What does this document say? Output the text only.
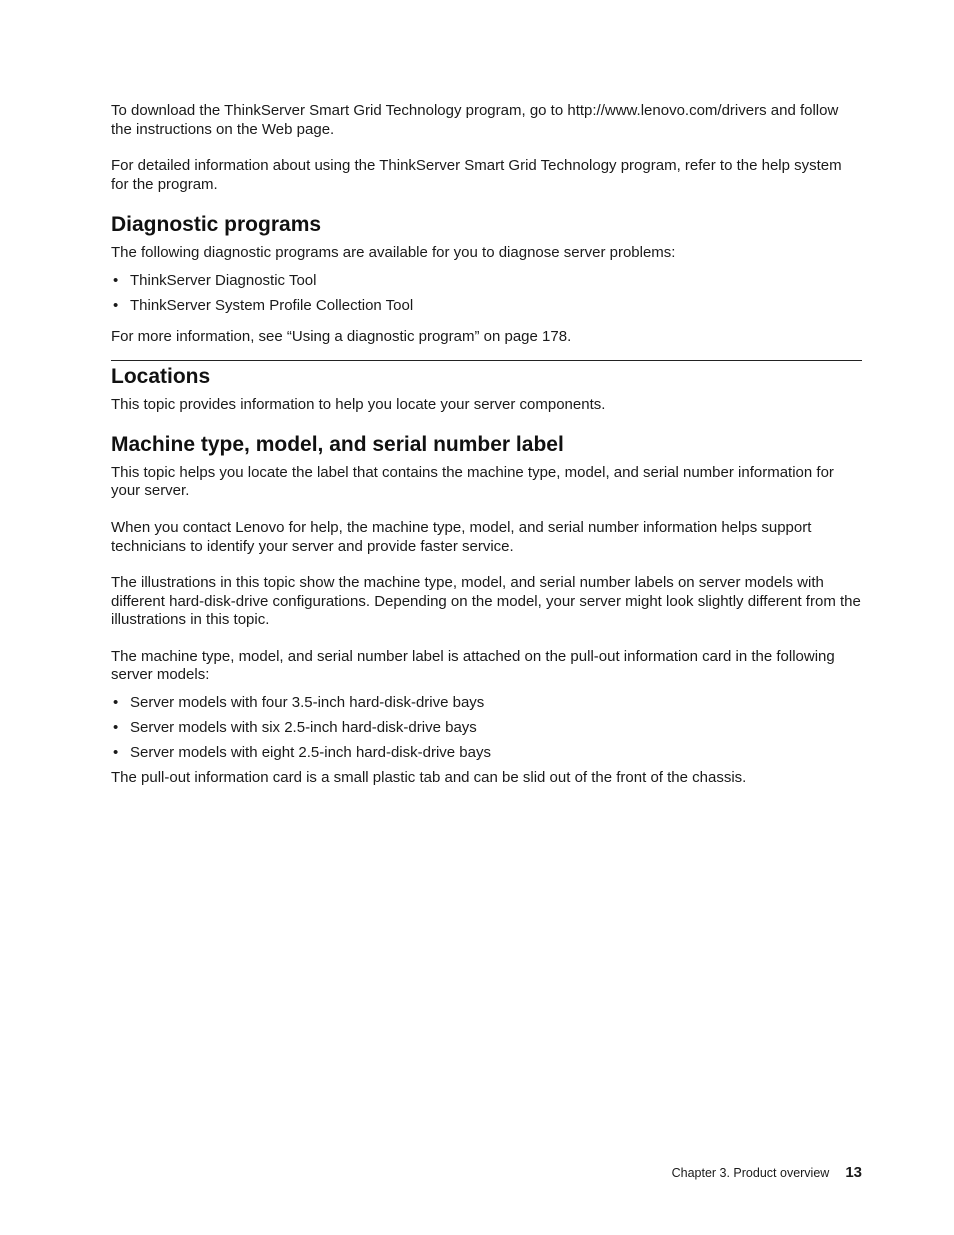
To download the ThinkServer Smart Grid Technology program, go to http://www.lenovo.com/drivers and follow the instructions on the Web page.

For detailed information about using the ThinkServer Smart Grid Technology program, refer to the help system for the program.

Diagnostic programs

The following diagnostic programs are available for you to diagnose server problems:

• ThinkServer Diagnostic Tool
• ThinkServer System Profile Collection Tool

For more information, see “Using a diagnostic program” on page 178.

Locations

This topic provides information to help you locate your server components.

Machine type, model, and serial number label

This topic helps you locate the label that contains the machine type, model, and serial number information for your server.

When you contact Lenovo for help, the machine type, model, and serial number information helps support technicians to identify your server and provide faster service.

The illustrations in this topic show the machine type, model, and serial number labels on server models with different hard-disk-drive configurations. Depending on the model, your server might look slightly different from the illustrations in this topic.

The machine type, model, and serial number label is attached on the pull-out information card in the following server models:

• Server models with four 3.5-inch hard-disk-drive bays
• Server models with six 2.5-inch hard-disk-drive bays
• Server models with eight 2.5-inch hard-disk-drive bays

The pull-out information card is a small plastic tab and can be slid out of the front of the chassis.

Chapter 3. Product overview 13
